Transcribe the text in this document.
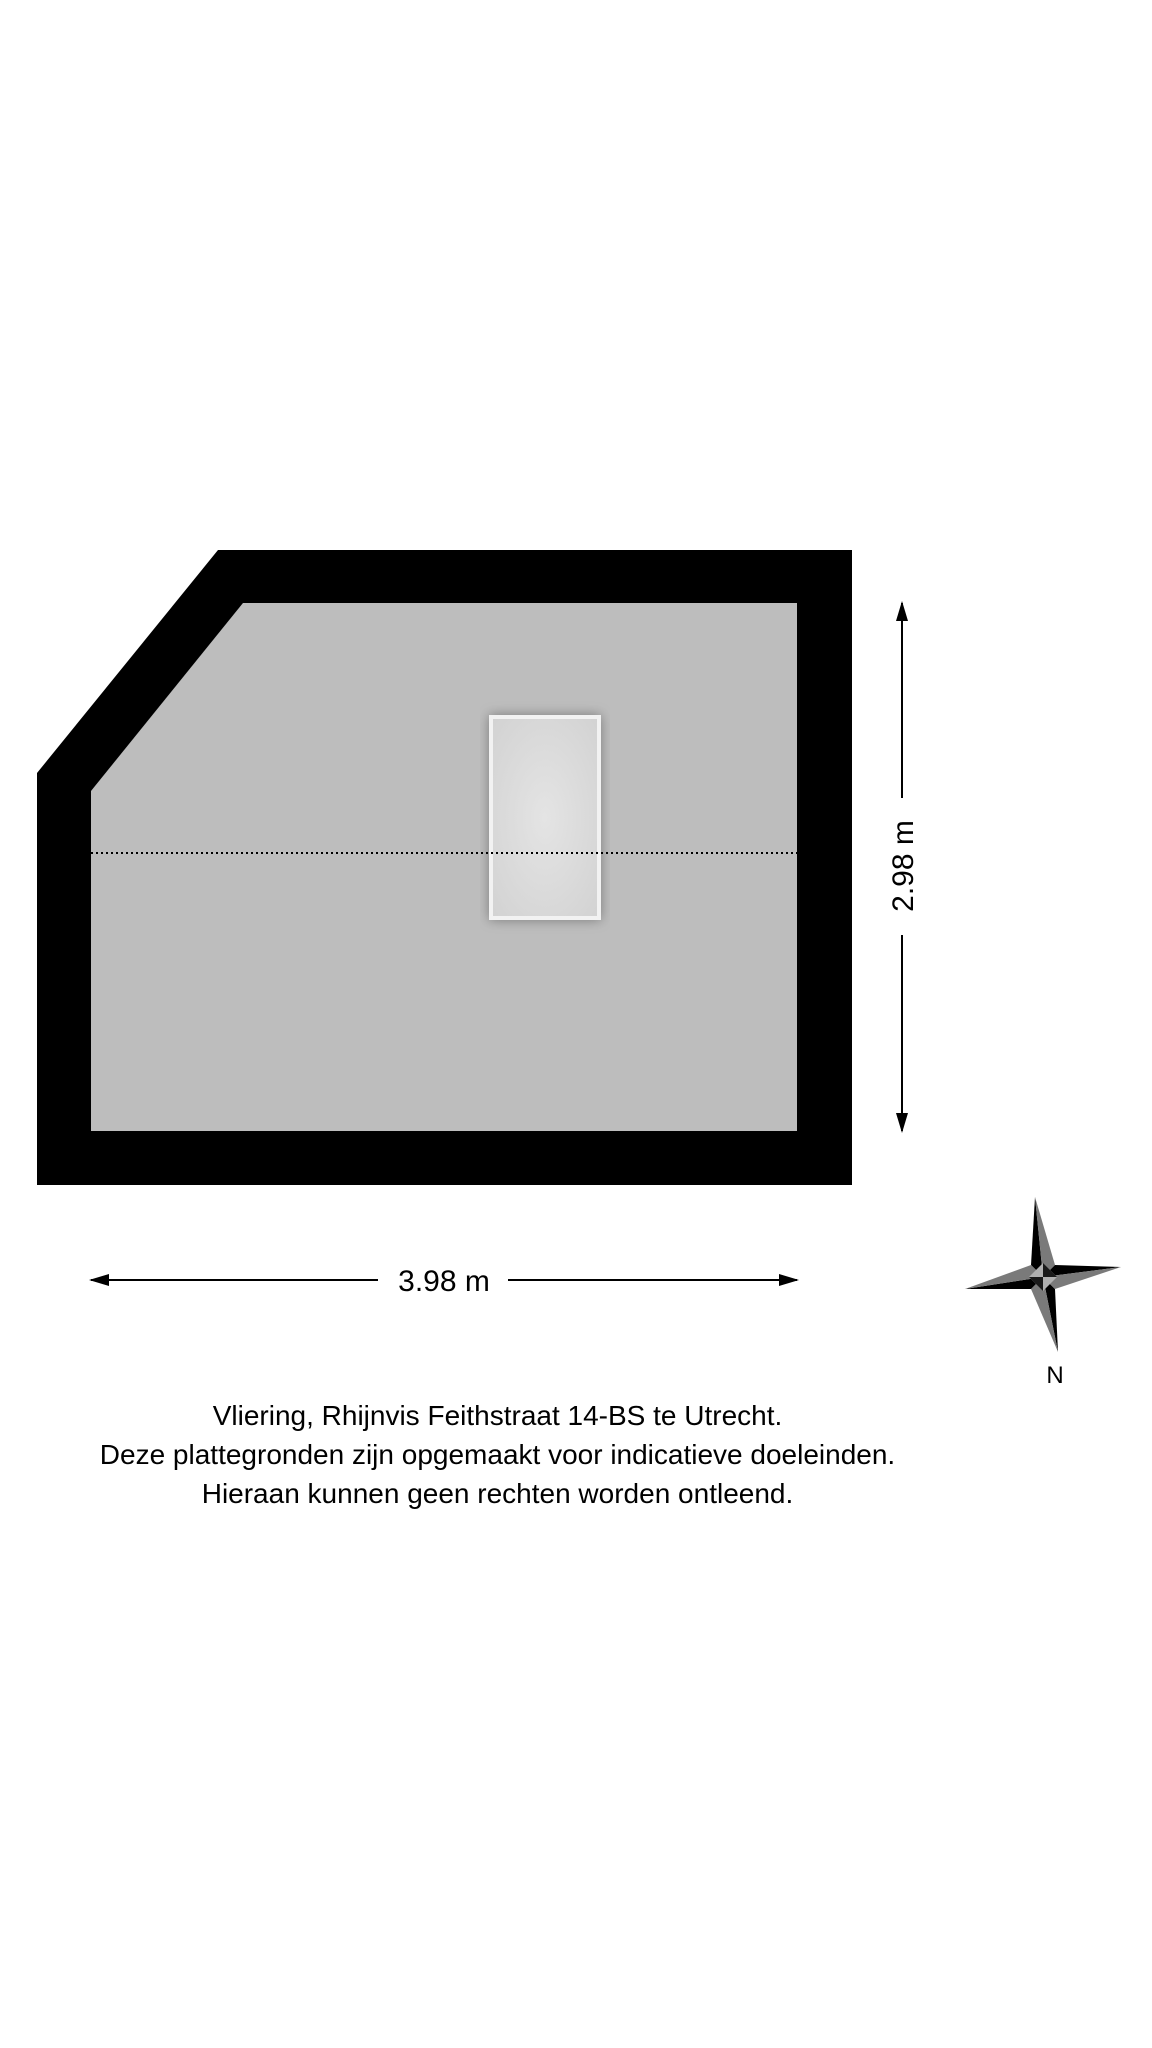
3.98 m
2.98 m
N
Vliering, Rhijnvis Feithstraat 14-BS te Utrecht.
Deze plattegronden zijn opgemaakt voor indicatieve doeleinden.
Hieraan kunnen geen rechten worden ontleend.
